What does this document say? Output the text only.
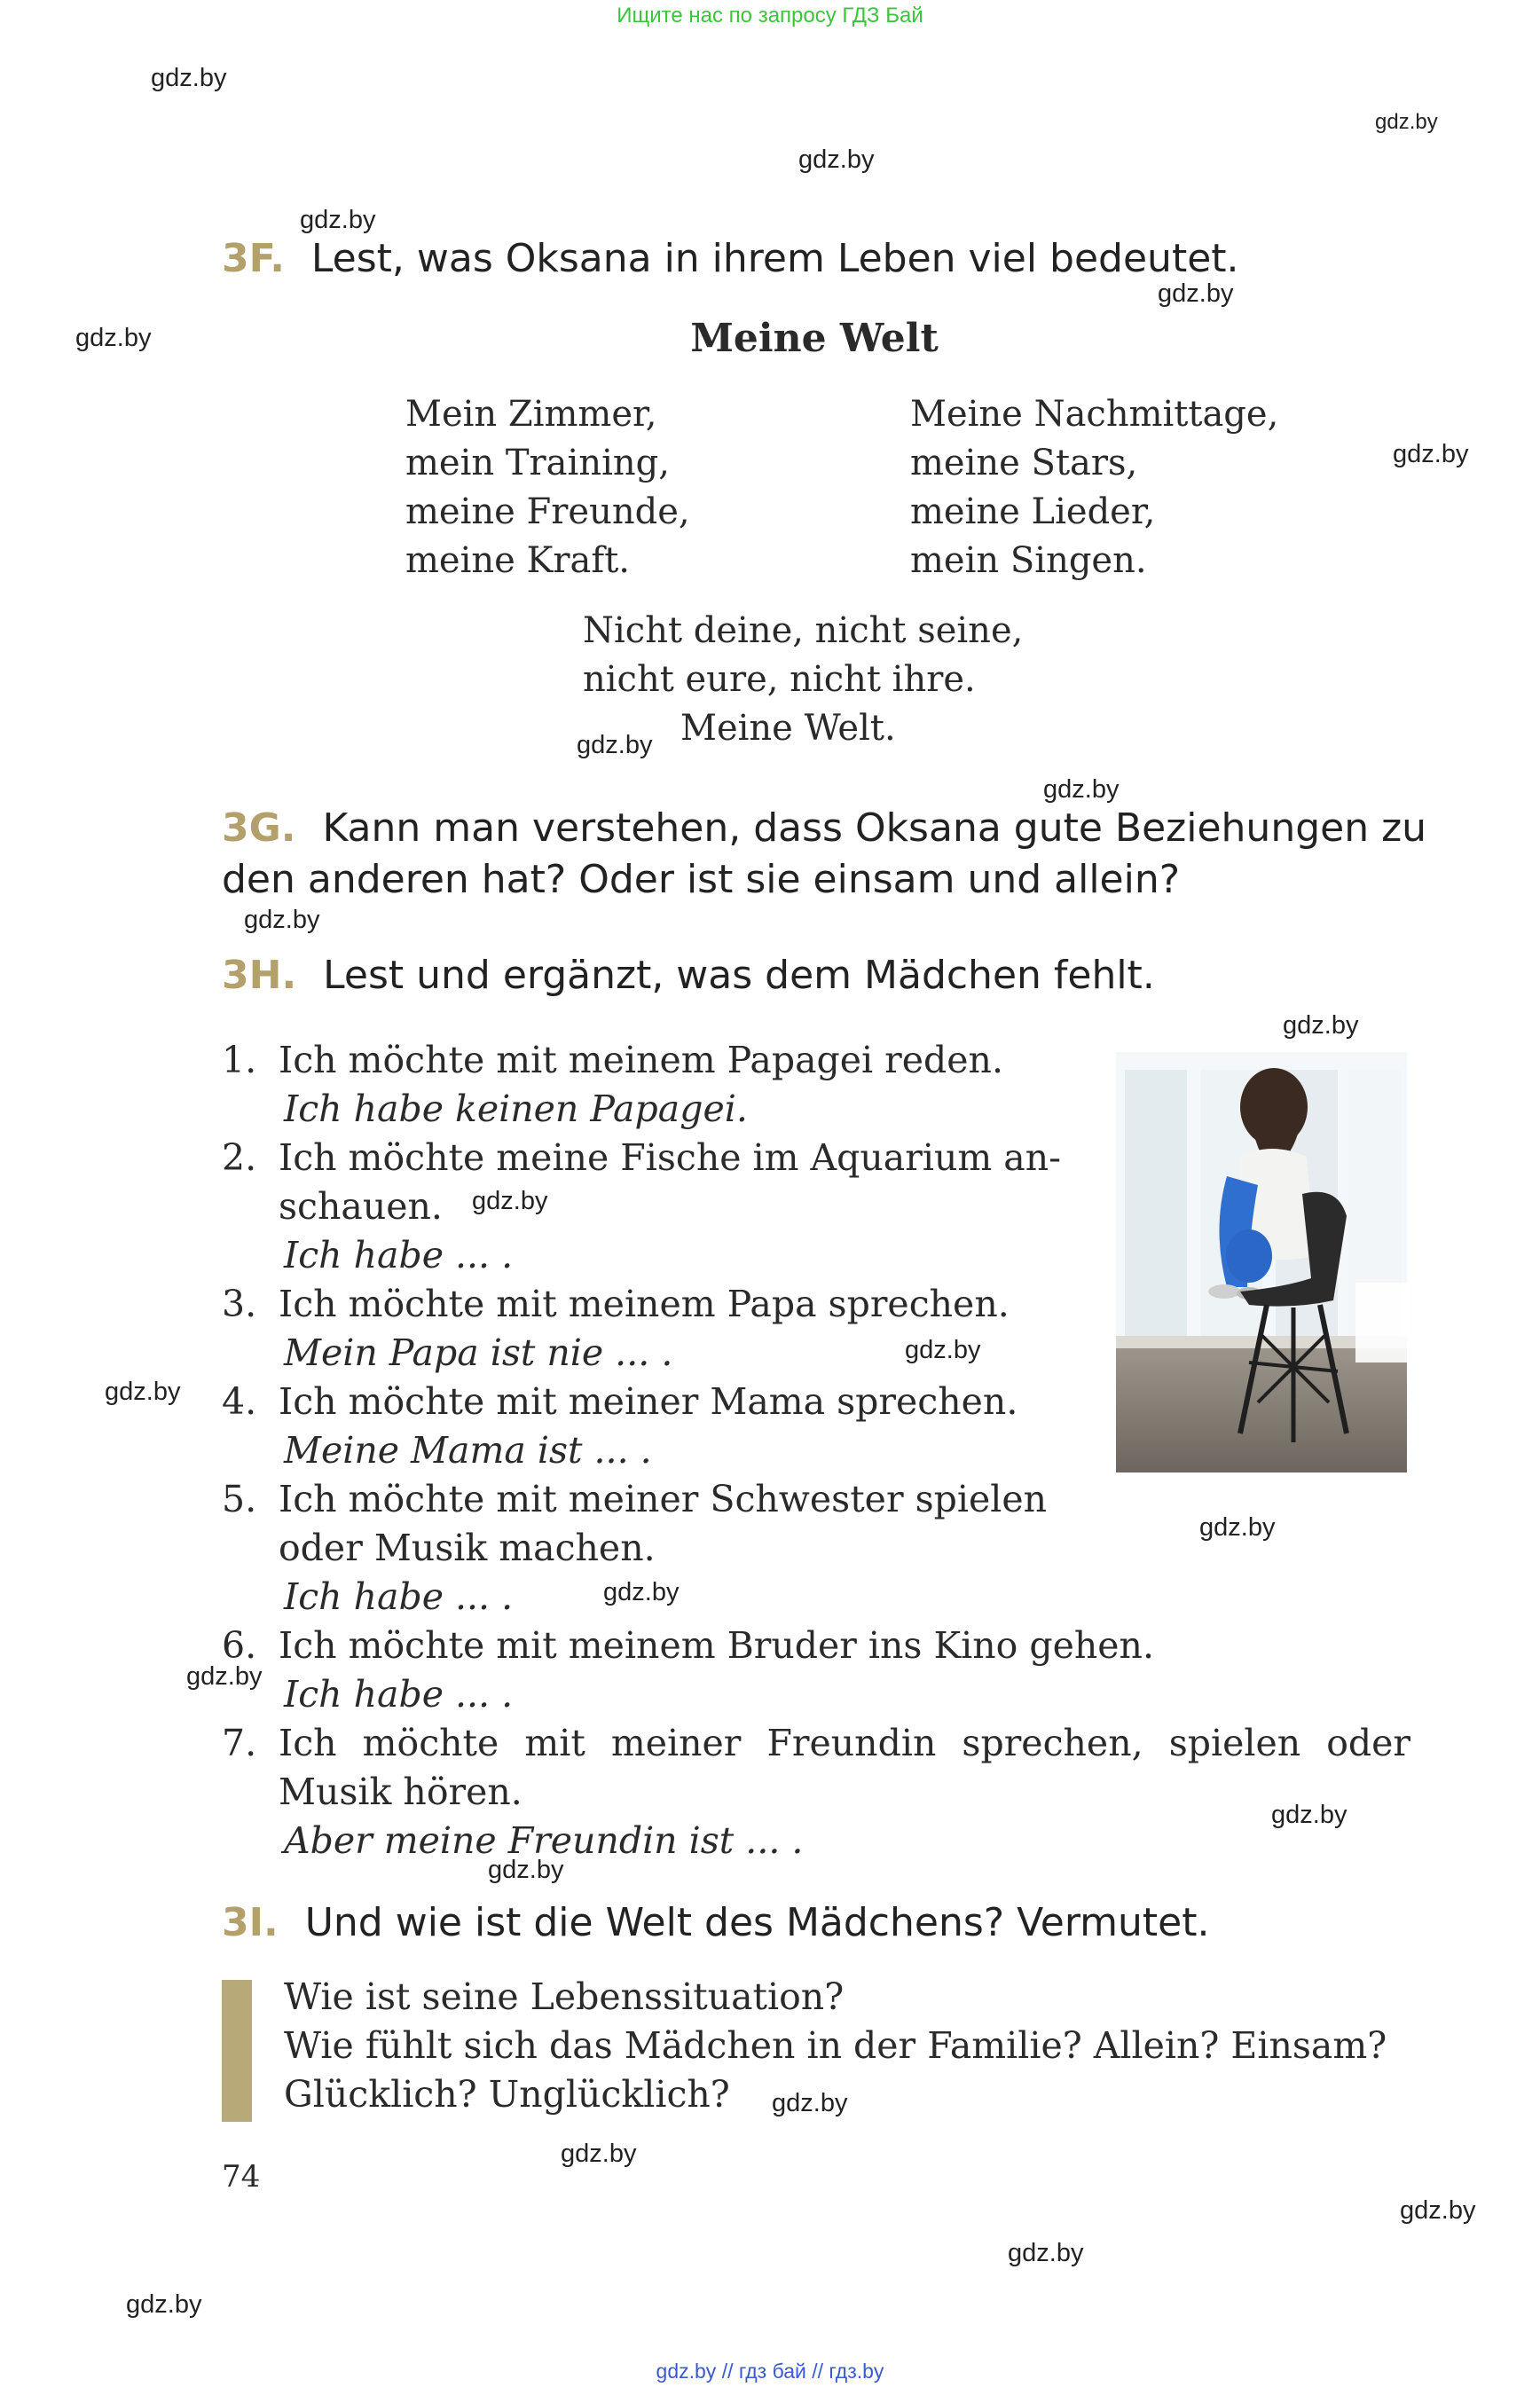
Ищите нас по запросу ГДЗ Бай
gdz.by
gdz.by
gdz.by
gdz.by
gdz.by
gdz.by
gdz.by
gdz.by
gdz.by
gdz.by
gdz.by
gdz.by
gdz.by
gdz.by
gdz.by
gdz.by
gdz.by
gdz.by
gdz.by
gdz.by
gdz.by
gdz.by
gdz.by
gdz.by
3F. Lest, was Oksana in ihrem Leben viel bedeutet.
Meine Welt
Mein Zimmer,
mein Training,
meine Freunde,
meine Kraft.
Meine Nachmittage,
meine Stars,
meine Lieder,
mein Singen.
Nicht deine, nicht seine,
nicht eure, nicht ihre.
Meine Welt.
3G. Kann man verstehen, dass Oksana gute Beziehungen zu
den anderen hat? Oder ist sie einsam und allein?
3H. Lest und ergänzt, was dem Mädchen fehlt.
1. Ich möchte mit meinem Papagei reden.
Ich habe keinen Papagei.
2. Ich möchte meine Fische im Aquarium an-
schauen.
Ich habe ... .
3. Ich möchte mit meinem Papa sprechen.
Mein Papa ist nie ... .
4. Ich möchte mit meiner Mama sprechen.
Meine Mama ist ... .
5. Ich möchte mit meiner Schwester spielen
oder Musik machen.
Ich habe ... .
6. Ich möchte mit meinem Bruder ins Kino gehen.
Ich habe ... .
7. Ich möchte mit meiner Freundin sprechen, spielen oder
Musik hören.
Aber meine Freundin ist ... .
3I. Und wie ist die Welt des Mädchens? Vermutet.
Wie ist seine Lebenssituation?
Wie fühlt sich das Mädchen in der Familie? Allein? Einsam?
Glücklich? Unglücklich?
74
gdz.by // гдз бай // гдз.by
